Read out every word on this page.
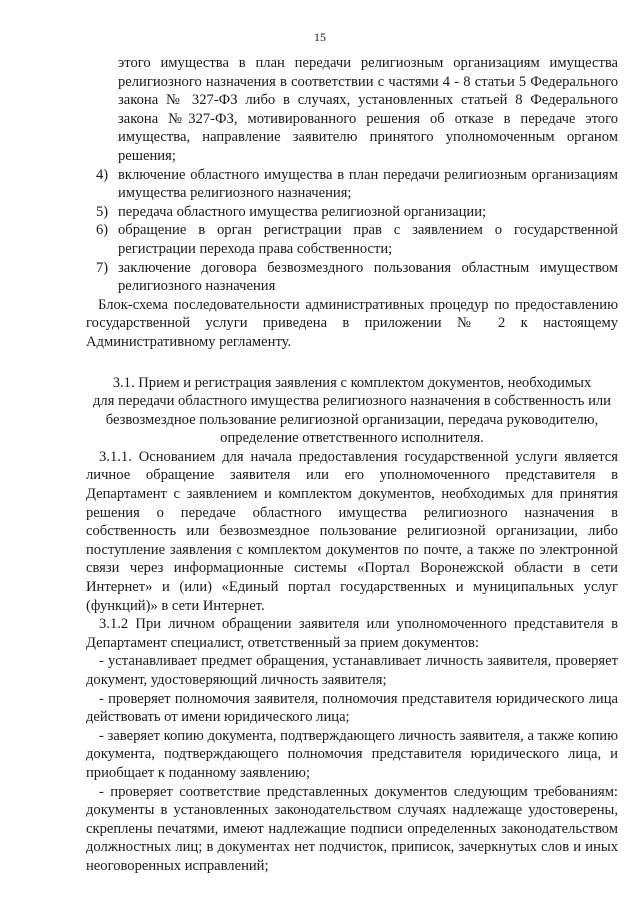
15

этого имущества в план передачи религиозным организациям имущества религиозного назначения в соответствии с частями 4 - 8 статьи 5 Федерального закона № 327-ФЗ либо в случаях, установленных статьей 8 Федерального закона №327-ФЗ, мотивированного решения об отказе в передаче этого имущества, направление заявителю принятого уполномоченным органом решения;

4) включение областного имущества в план передачи религиозным организациям имущества религиозного назначения;
5) передача областного имущества религиозной организации;
6) обращение в орган регистрации прав с заявлением о государственной регистрации перехода права собственности;
7) заключение договора безвозмездного пользования областным имуществом религиозного назначения

Блок-схема последовательности административных процедур по предоставлению государственной услуги приведена в приложении № 2 к настоящему Административному регламенту.

3.1. Прием и регистрация заявления с комплектом документов, необходимых
для передачи областного имущества религиозного назначения в собственность или
безвозмездное пользование религиозной организации, передача руководителю,
определение ответственного исполнителя.

3.1.1. Основанием для начала предоставления государственной услуги является личное обращение заявителя или его уполномоченного представителя в Департамент с заявлением и комплектом документов, необходимых для принятия решения о передаче областного имущества религиозного назначения в собственность или безвозмездное пользование религиозной организации, либо поступление заявления с комплектом документов по почте, а также по электронной связи через информационные системы «Портал Воронежской области в сети Интернет» и (или) «Единый портал государственных и муниципальных услуг (функций)» в сети Интернет.

3.1.2 При личном обращении заявителя или уполномоченного представителя в Департамент специалист, ответственный за прием документов:

- устанавливает предмет обращения, устанавливает личность заявителя, проверяет документ, удостоверяющий личность заявителя;

- проверяет полномочия заявителя, полномочия представителя юридического лица действовать от имени юридического лица;

- заверяет копию документа, подтверждающего личность заявителя, а также копию документа, подтверждающего полномочия представителя юридического лица, и приобщает к поданному заявлению;

- проверяет соответствие представленных документов следующим требованиям: документы в установленных законодательством случаях надлежаще удостоверены, скреплены печатями, имеют надлежащие подписи определенных законодательством должностных лиц; в документах нет подчисток, приписок, зачеркнутых слов и иных неоговоренных исправлений;
